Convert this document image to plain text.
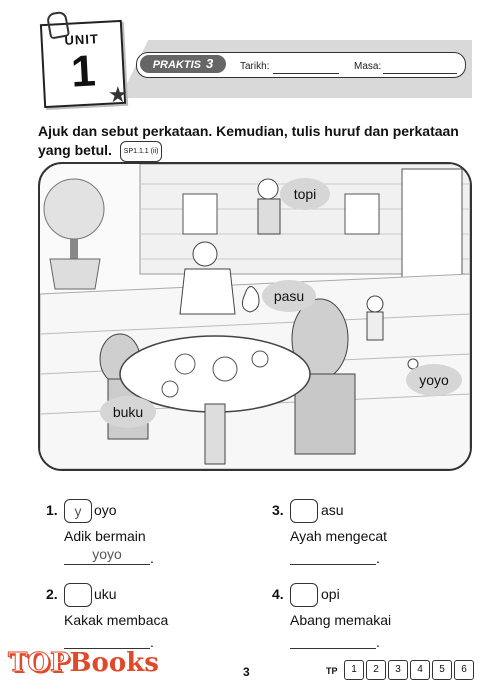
UNIT
1 ★
PRAKTIS 3	Tarikh:	Masa:
Ajuk dan sebut perkataan. Kemudian, tulis huruf dan perkataan yang betul. SP1.1.1 (ii)
topi
pasu
yoyo
buku
1.	y oyo
Adik bermain
yoyo	.
3.	asu
Ayah mengecat
.
2.	uku
Kakak membaca
.
4.	opi
Abang memakai
.
TOPBooks	3	TP	1	2	3	4	5	6
